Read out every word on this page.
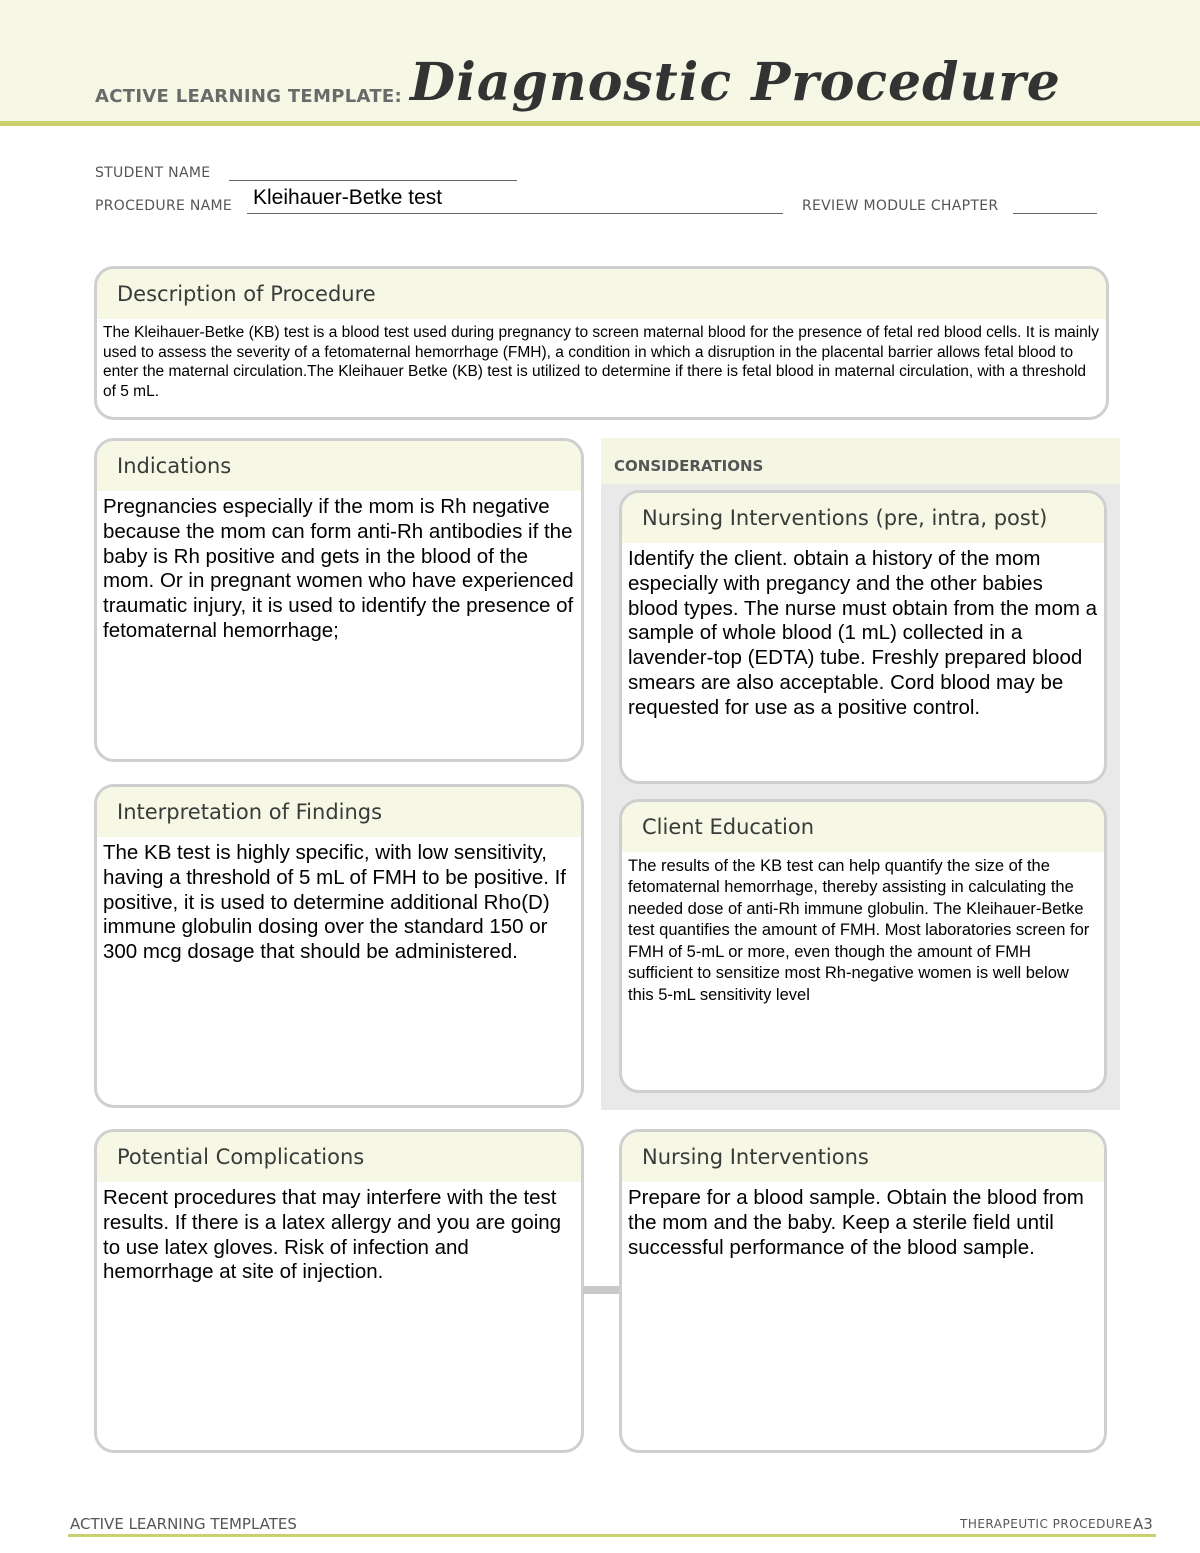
ACTIVE LEARNING TEMPLATE: Diagnostic Procedure
STUDENT NAME
PROCEDURE NAME Kleihauer-Betke test	REVIEW MODULE CHAPTER
Description of Procedure
The Kleihauer-Betke (KB) test is a blood test used during pregnancy to screen maternal blood for the presence of fetal red blood cells. It is mainly used to assess the severity of a fetomaternal hemorrhage (FMH), a condition in which a disruption in the placental barrier allows fetal blood to enter the maternal circulation.The Kleihauer Betke (KB) test is utilized to determine if there is fetal blood in maternal circulation, with a threshold of 5 mL.
CONSIDERATIONS
Indications
Pregnancies especially if the mom is Rh negative because the mom can form anti-Rh antibodies if the baby is Rh positive and gets in the blood of the mom. Or in pregnant women who have experienced traumatic injury, it is used to identify the presence of fetomaternal hemorrhage;
Nursing Interventions (pre, intra, post)
Identify the client. obtain a history of the mom especially with pregancy and the other babies blood types. The nurse must obtain from the mom a sample of whole blood (1 mL) collected in a lavender-top (EDTA) tube. Freshly prepared blood smears are also acceptable. Cord blood may be requested for use as a positive control.
Interpretation of Findings
The KB test is highly specific, with low sensitivity, having a threshold of 5 mL of FMH to be positive. If positive, it is used to determine additional Rho(D) immune globulin dosing over the standard 150 or 300 mcg dosage that should be administered.
Client Education
The results of the KB test can help quantify the size of the fetomaternal hemorrhage, thereby assisting in calculating the needed dose of anti-Rh immune globulin. The Kleihauer-Betke test quantifies the amount of FMH. Most laboratories screen for FMH of 5-mL or more, even though the amount of FMH sufficient to sensitize most Rh-negative women is well below this 5-mL sensitivity level
Potential Complications
Recent procedures that may interfere with the test results. If there is a latex allergy and you are going to use latex gloves. Risk of infection and hemorrhage at site of injection.
Nursing Interventions
Prepare for a blood sample. Obtain the blood from the mom and the baby. Keep a sterile field until successful performance of the blood sample.
ACTIVE LEARNING TEMPLATES	THERAPEUTIC PROCEDURE A3
